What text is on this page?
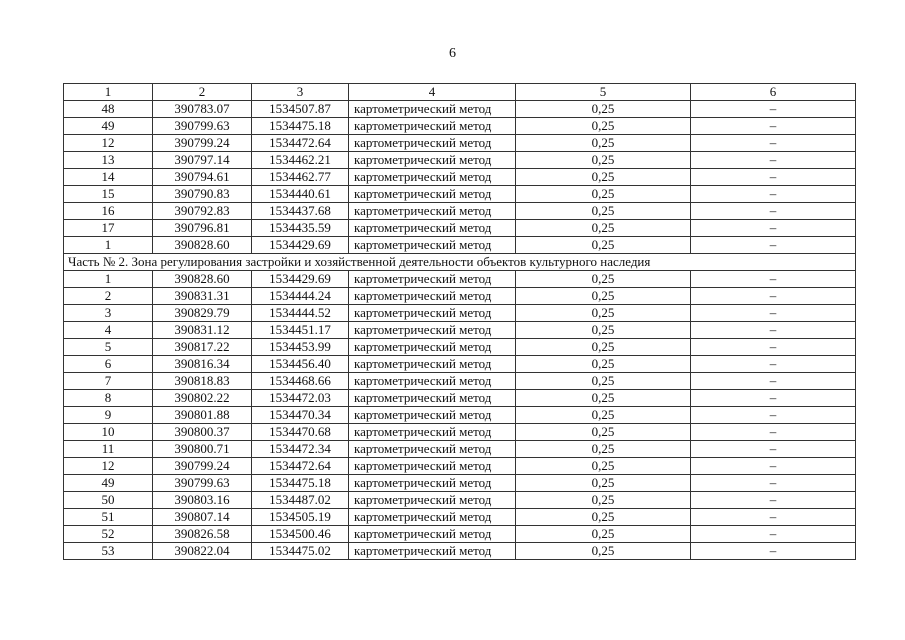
6
1	2	3	4	5	6
48	390783.07	1534507.87	картометрический метод	0,25	–
49	390799.63	1534475.18	картометрический метод	0,25	–
12	390799.24	1534472.64	картометрический метод	0,25	–
13	390797.14	1534462.21	картометрический метод	0,25	–
14	390794.61	1534462.77	картометрический метод	0,25	–
15	390790.83	1534440.61	картометрический метод	0,25	–
16	390792.83	1534437.68	картометрический метод	0,25	–
17	390796.81	1534435.59	картометрический метод	0,25	–
1	390828.60	1534429.69	картометрический метод	0,25	–
Часть № 2. Зона регулирования застройки и хозяйственной деятельности объектов культурного наследия					
1	390828.60	1534429.69	картометрический метод	0,25	–
2	390831.31	1534444.24	картометрический метод	0,25	–
3	390829.79	1534444.52	картометрический метод	0,25	–
4	390831.12	1534451.17	картометрический метод	0,25	–
5	390817.22	1534453.99	картометрический метод	0,25	–
6	390816.34	1534456.40	картометрический метод	0,25	–
7	390818.83	1534468.66	картометрический метод	0,25	–
8	390802.22	1534472.03	картометрический метод	0,25	–
9	390801.88	1534470.34	картометрический метод	0,25	–
10	390800.37	1534470.68	картометрический метод	0,25	–
11	390800.71	1534472.34	картометрический метод	0,25	–
12	390799.24	1534472.64	картометрический метод	0,25	–
49	390799.63	1534475.18	картометрический метод	0,25	–
50	390803.16	1534487.02	картометрический метод	0,25	–
51	390807.14	1534505.19	картометрический метод	0,25	–
52	390826.58	1534500.46	картометрический метод	0,25	–
53	390822.04	1534475.02	картометрический метод	0,25	–
